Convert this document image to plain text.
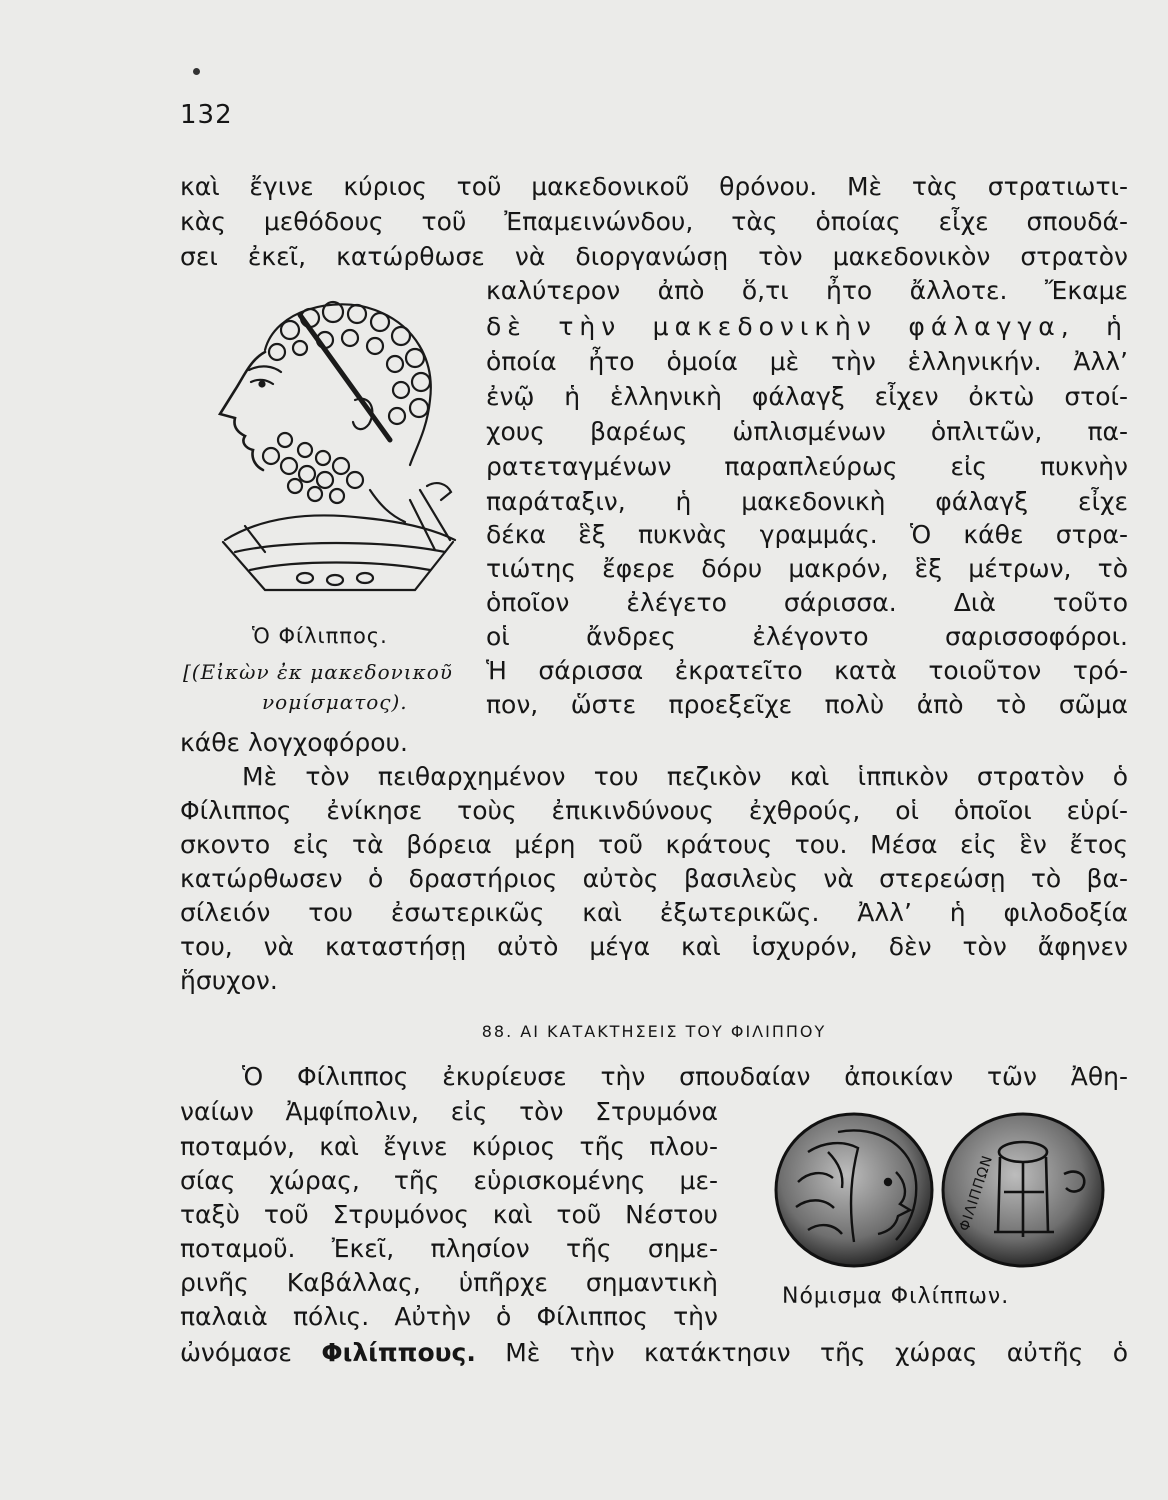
132
καὶ ἔγινε κύριος τοῦ μακεδονικοῦ θρόνου. Μὲ τὰς στρατιωτι-
κὰς μεθόδους τοῦ Ἐπαμεινώνδου, τὰς ὁποίας εἶχε σπουδά-
σει ἐκεῖ, κατώρθωσε νὰ διοργανώσῃ τὸν μακεδονικὸν στρατὸν
καλύτερον ἀπὸ ὅ,τι ἦτο ἄλλοτε. Ἔκαμε
δὲ τὴν μακεδονικὴν φάλαγγα, ἡ
ὁποία ἦτο ὁμοία μὲ τὴν ἑλληνικήν. Ἀλλ’
ἐνῷ ἡ ἑλληνικὴ φάλαγξ εἶχεν ὀκτὼ στοί-
χους βαρέως ὡπλισμένων ὁπλιτῶν, πα-
ρατεταγμένων παραπλεύρως εἰς πυκνὴν
παράταξιν, ἡ μακεδονικὴ φάλαγξ εἶχε
δέκα ἓξ πυκνὰς γραμμάς. Ὁ κάθε στρα-
τιώτης ἔφερε δόρυ μακρόν, ἓξ μέτρων, τὸ
ὁποῖον ἐλέγετο σάρισσα. Διὰ τοῦτο
οἱ ἄνδρες ἐλέγοντο σαρισσοφόροι.
Ἡ σάρισσα ἐκρατεῖτο κατὰ τοιοῦτον τρό-
πον, ὥστε προεξεῖχε πολὺ ἀπὸ τὸ σῶμα
Ὁ Φίλιππος.
[(Εἰκὼν ἐκ μακεδονικοῦ
νομίσματος).
κάθε λογχοφόρου.
Μὲ τὸν πειθαρχημένον του πεζικὸν καὶ ἱππικὸν στρατὸν ὁ
Φίλιππος ἐνίκησε τοὺς ἐπικινδύνους ἐχθρούς, οἱ ὁποῖοι εὑρί-
σκοντο εἰς τὰ βόρεια μέρη τοῦ κράτους του. Μέσα εἰς ἓν ἔτος
κατώρθωσεν ὁ δραστήριος αὐτὸς βασιλεὺς νὰ στερεώσῃ τὸ βα-
σίλειόν του ἐσωτερικῶς καὶ ἐξωτερικῶς. Ἀλλ’ ἡ φιλοδοξία
του, νὰ καταστήσῃ αὐτὸ μέγα καὶ ἰσχυρόν, δὲν τὸν ἄφηνεν
ἥσυχον.
88. ΑΙ ΚΑΤΑΚΤΗΣΕΙΣ ΤΟΥ ΦΙΛΙΠΠΟΥ
Ὁ Φίλιππος ἐκυρίευσε τὴν σπουδαίαν ἀποικίαν τῶν Ἀθη-
ναίων Ἀμφίπολιν, εἰς τὸν Στρυμόνα
ποταμόν, καὶ ἔγινε κύριος τῆς πλου-
σίας χώρας, τῆς εὑρισκομένης με-
ταξὺ τοῦ Στρυμόνος καὶ τοῦ Νέστου
ποταμοῦ. Ἐκεῖ, πλησίον τῆς σημε-
ρινῆς Καβάλλας, ὑπῆρχε σημαντικὴ
παλαιὰ πόλις. Αὐτὴν ὁ Φίλιππος τὴν
ΦΙΛΙΠΠΩΝ
Νόμισμα Φιλίππων.
ὠνόμασε Φιλίππους. Μὲ τὴν κατάκτησιν τῆς χώρας αὐτῆς ὁ
